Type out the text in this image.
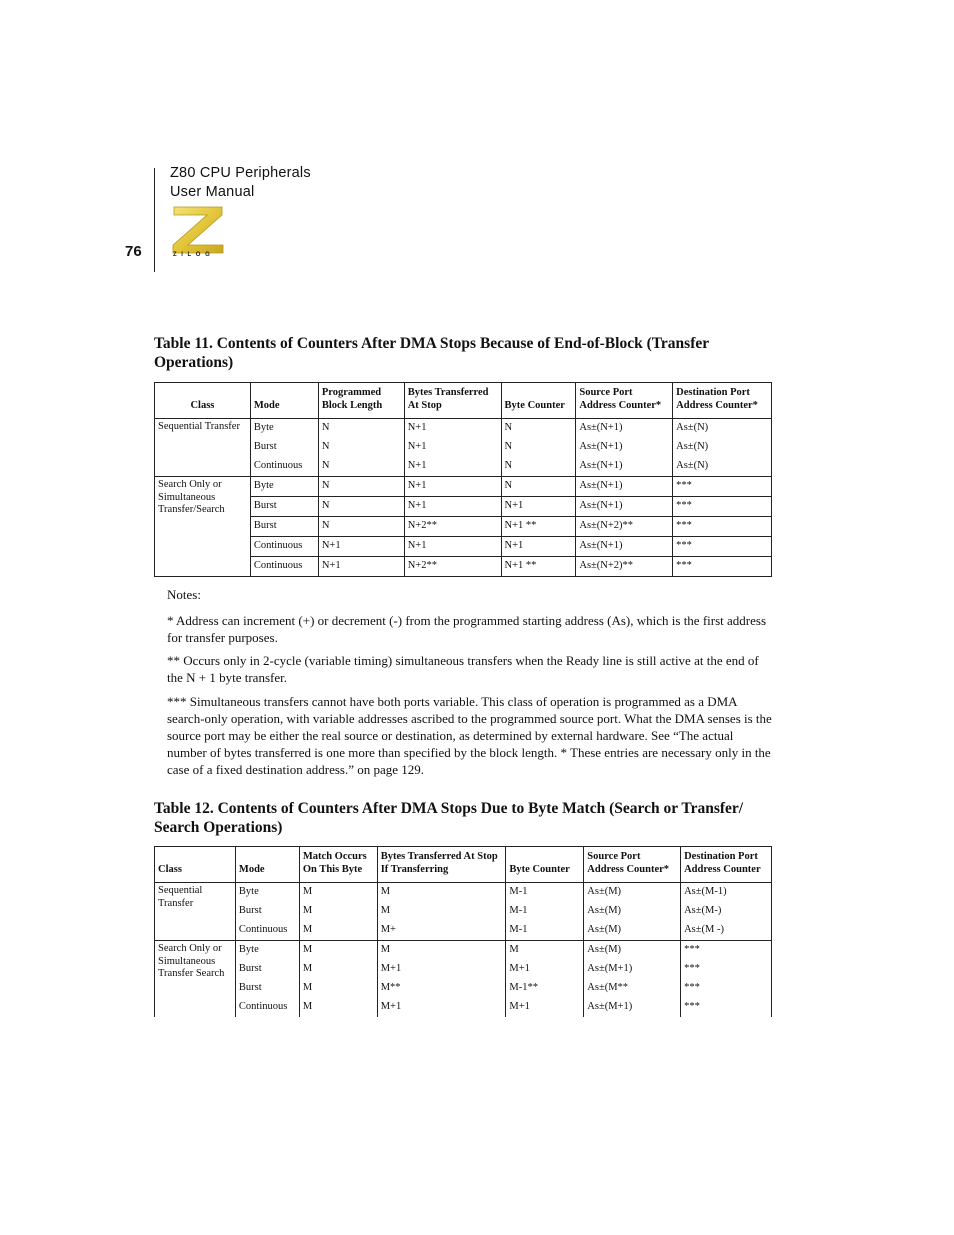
Z80 CPU Peripherals
User Manual
76	ZILOG
Table 11. Contents of Counters After DMA Stops Because of End-of-Block (Transfer Operations)
Class	Mode	Programmed Block Length	Bytes Transferred At Stop	Byte Counter	Source Port Address Counter*	Destination Port Address Counter*
Sequential Transfer	Byte	N	N+1	N	As±(N+1)	As±(N)
	Burst	N	N+1	N	As±(N+1)	As±(N)
	Continuous	N	N+1	N	As±(N+1)	As±(N)
Search Only or Simultaneous Transfer/Search	Byte	N	N+1	N	As±(N+1)	***
	Burst	N	N+1	N+1	As±(N+1)	***
	Burst	N	N+2**	N+1 **	As±(N+2)**	***
	Continuous	N+1	N+1	N+1	As±(N+1)	***
	Continuous	N+1	N+2**	N+1 **	As±(N+2)**	***
Notes:
* Address can increment (+) or decrement (-) from the programmed starting address (As), which is the first address for transfer purposes.
** Occurs only in 2-cycle (variable timing) simultaneous transfers when the Ready line is still active at the end of the N + 1 byte transfer.
*** Simultaneous transfers cannot have both ports variable. This class of operation is programmed as a DMA search-only operation, with variable addresses ascribed to the programmed source port. What the DMA senses is the source port may be either the real source or destination, as determined by external hardware. See “The actual number of bytes transferred is one more than specified by the block length. * These entries are necessary only in the case of a fixed destination address.” on page 129.
Table 12. Contents of Counters After DMA Stops Due to Byte Match (Search or Transfer/ Search Operations)
Class	Mode	Match Occurs On This Byte	Bytes Transferred At Stop If Transferring	Byte Counter	Source Port Address Counter*	Destination Port Address Counter
Sequential Transfer	Byte	M	M	M-1	As±(M)	As±(M-1)
	Burst	M	M	M-1	As±(M)	As±(M-)
	Continuous	M	M+	M-1	As±(M)	As±(M -)
Search Only or Simultaneous Transfer Search	Byte	M	M	M	As±(M)	***
	Burst	M	M+1	M+1	As±(M+1)	***
	Burst	M	M**	M-1**	As±(M**	***
	Continuous	M	M+1	M+1	As±(M+1)	***
